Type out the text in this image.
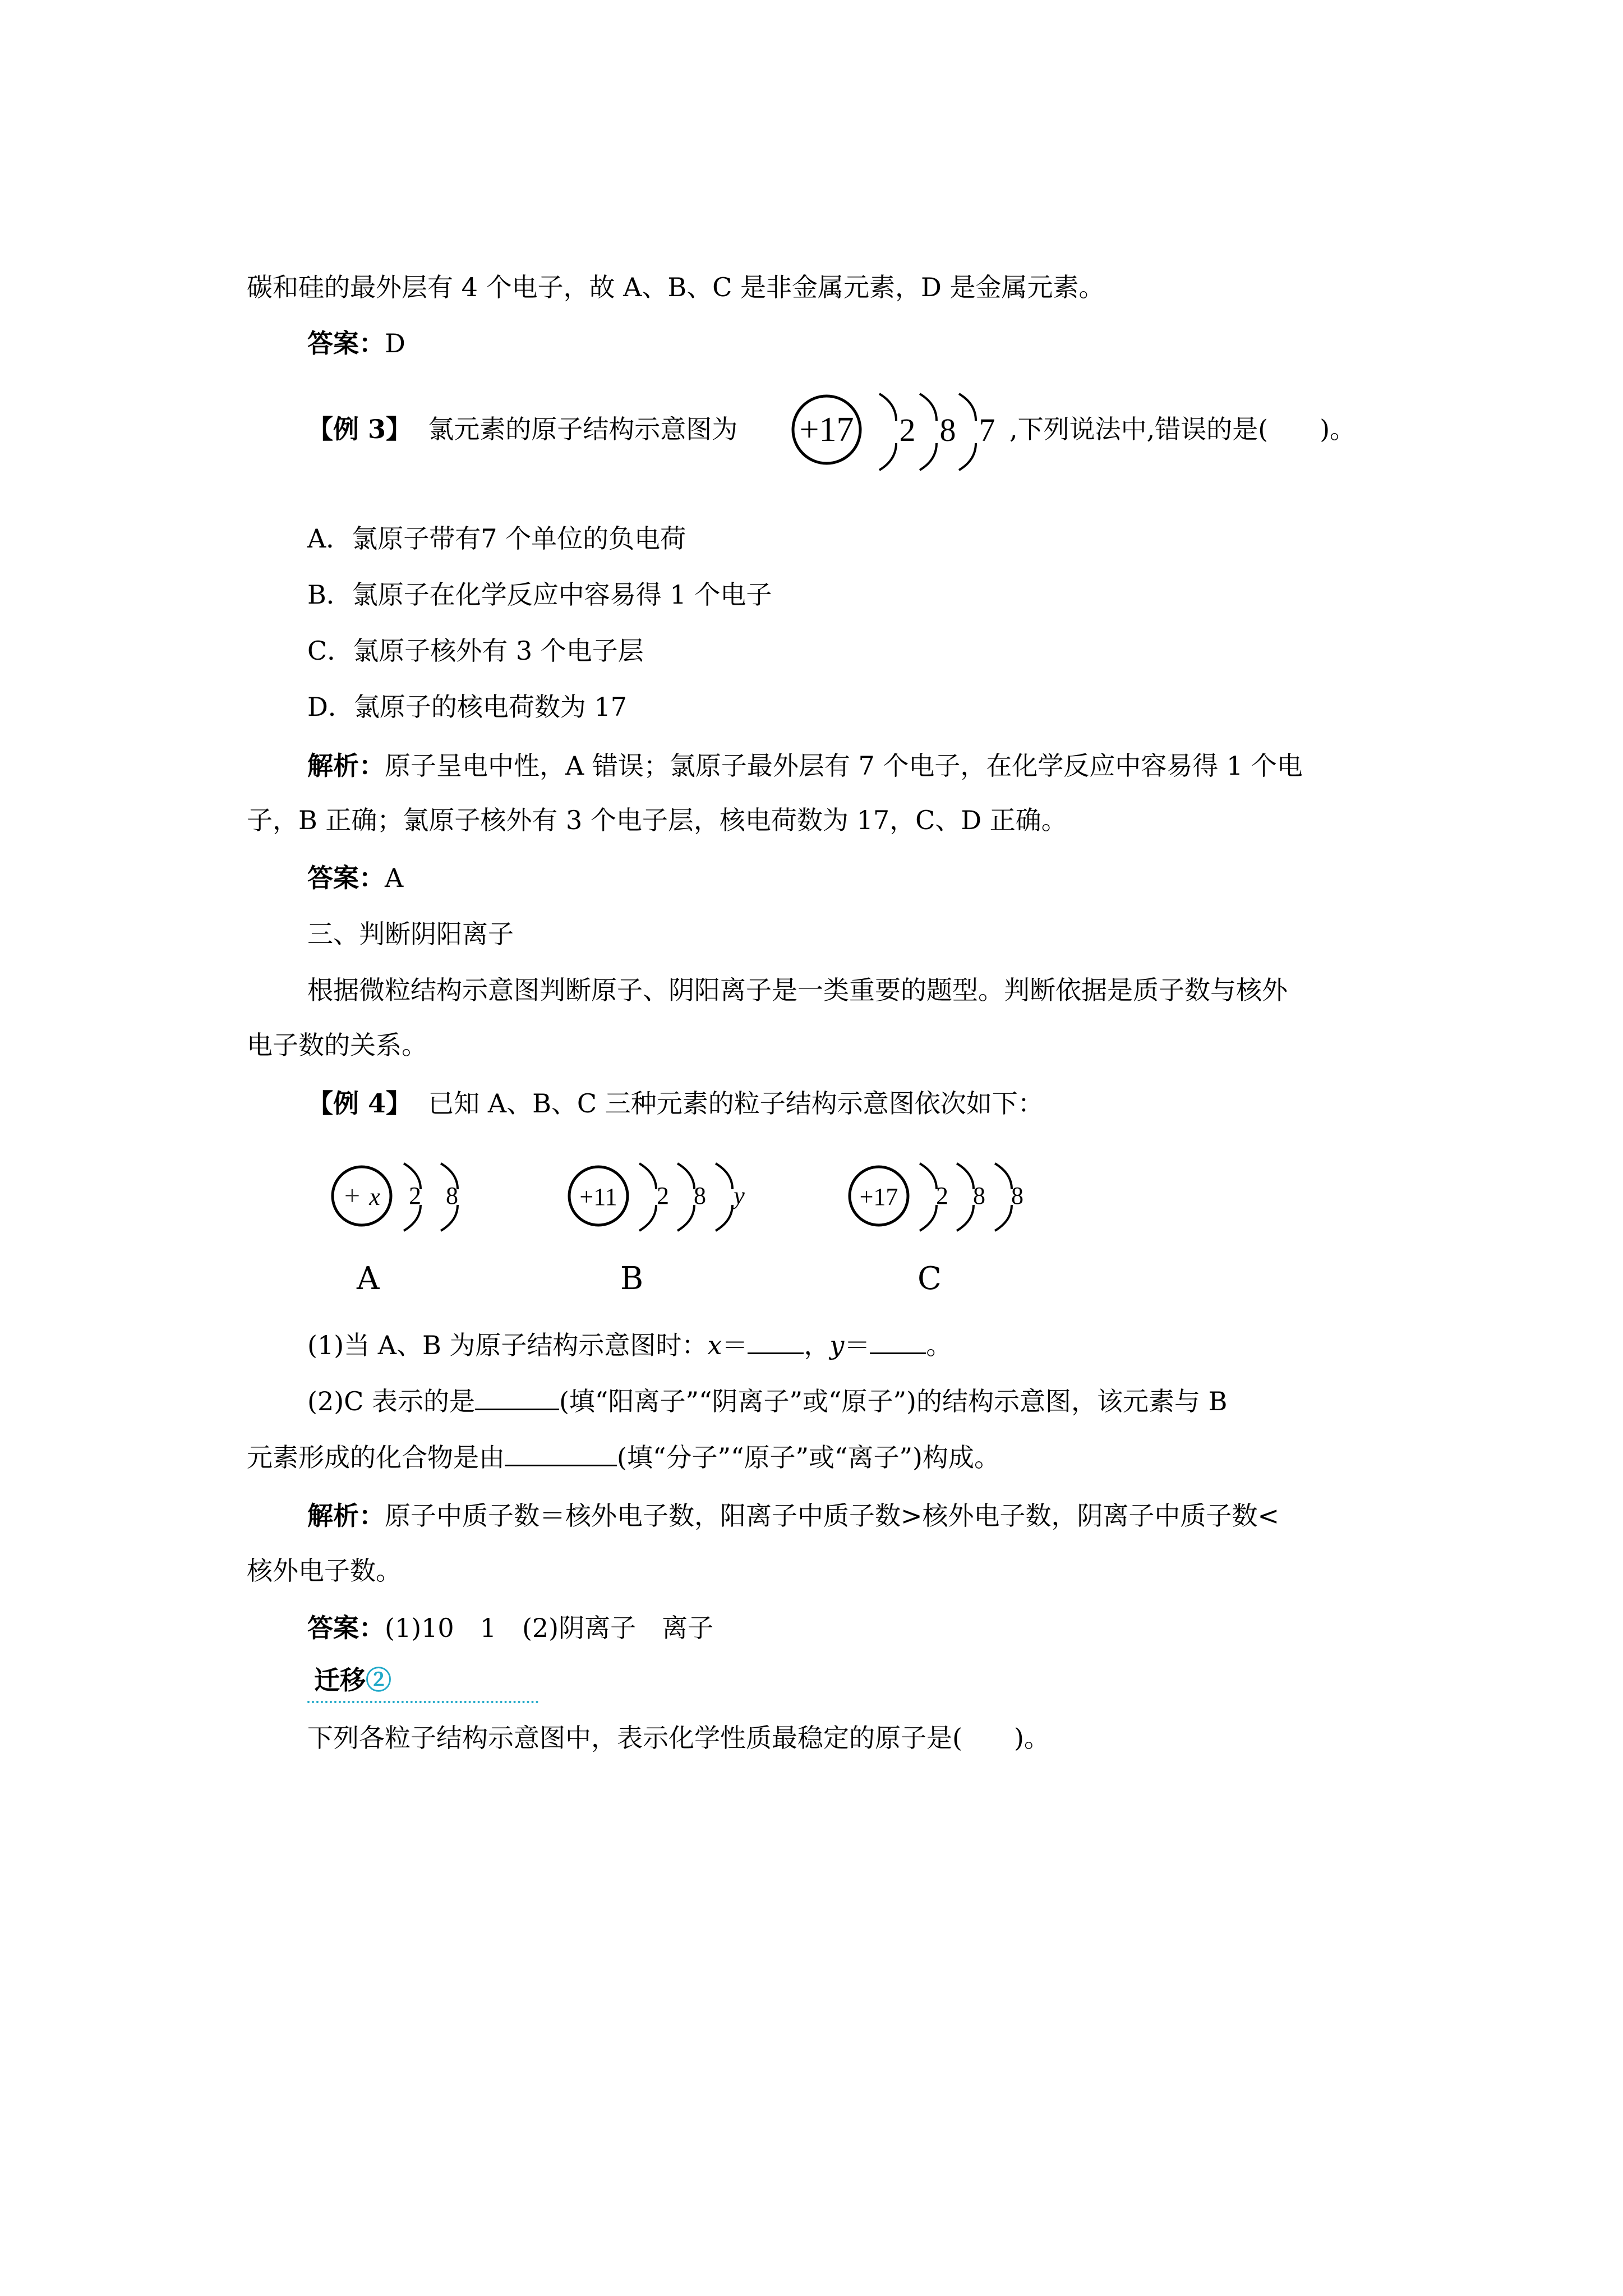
碳和硅的最外层有 4 个电子，故 A、B、C 是非金属元素，D 是金属元素。
答案：D
【例 3】 氯元素的原子结构示意图为 +17 2 8 7 ,下列说法中,错误的是(　　)。
A．氯原子带有7 个单位的负电荷
B．氯原子在化学反应中容易得 1 个电子
C．氯原子核外有 3 个电子层
D．氯原子的核电荷数为 17
解析：原子呈电中性，A 错误；氯原子最外层有 7 个电子，在化学反应中容易得 1 个电
子，B 正确；氯原子核外有 3 个电子层，核电荷数为 17，C、D 正确。
答案：A
三、判断阴阳离子
根据微粒结构示意图判断原子、阴阳离子是一类重要的题型。判断依据是质子数与核外
电子数的关系。
【例 4】 已知 A、B、C 三种元素的粒子结构示意图依次如下：
+ x 2 8	+11 2 8 y	+17 2 8 8
A	B	C
(1)当 A、B 为原子结构示意图时：x＝ ，y＝ 。
(2)C 表示的是	(填“阳离子”“阴离子”或“原子”)的结构示意图，该元素与 B
元素形成的化合物是由	(填“分子”“原子”或“离子”)构成。
解析：原子中质子数＝核外电子数，阳离子中质子数>核外电子数，阴离子中质子数<
核外电子数。
答案：(1)10　1　(2)阴离子　离子
迁移②
下列各粒子结构示意图中，表示化学性质最稳定的原子是(　　)。
